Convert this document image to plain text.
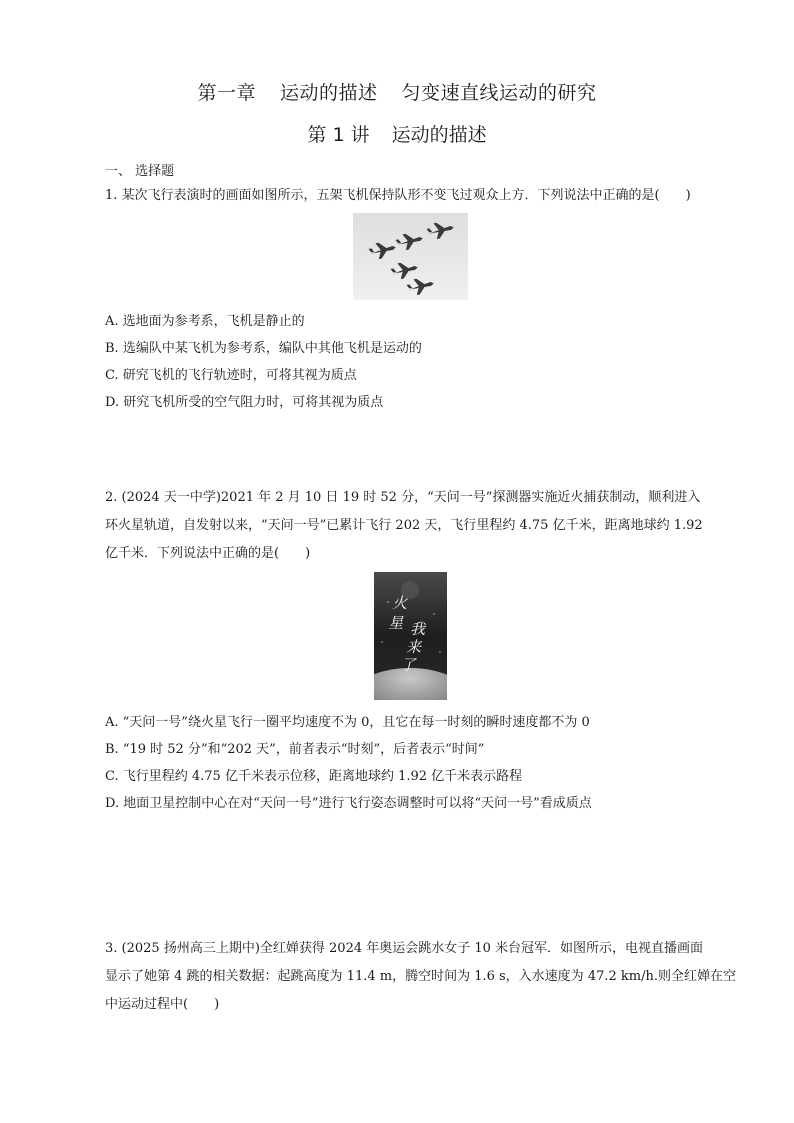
第一章 运动的描述 匀变速直线运动的研究
第 1 讲 运动的描述
一、 选择题
1. 某次飞行表演时的画面如图所示，五架飞机保持队形不变飞过观众上方．下列说法中正确的是(　　)
A. 选地面为参考系，飞机是静止的
B. 选编队中某飞机为参考系，编队中其他飞机是运动的
C. 研究飞机的飞行轨迹时，可将其视为质点
D. 研究飞机所受的空气阻力时，可将其视为质点
2. (2024 天一中学)2021 年 2 月 10 日 19 时 52 分，“天问一号”探测器实施近火捕获制动，顺利进入
环火星轨道，自发射以来，“天问一号”已累计飞行 202 天，飞行里程约 4.75 亿千米，距离地球约 1.92
亿千米．下列说法中正确的是(　　)
火 星 我 来 了
A. “天问一号”绕火星飞行一圈平均速度不为 0，且它在每一时刻的瞬时速度都不为 0
B. “19 时 52 分”和“202 天”，前者表示“时刻”，后者表示“时间”
C. 飞行里程约 4.75 亿千米表示位移，距离地球约 1.92 亿千米表示路程
D. 地面卫星控制中心在对“天问一号”进行飞行姿态调整时可以将“天问一号”看成质点
3. (2025 扬州高三上期中)全红婵获得 2024 年奥运会跳水女子 10 米台冠军．如图所示，电视直播画面
显示了她第 4 跳的相关数据：起跳高度为 11.4 m，腾空时间为 1.6 s，入水速度为 47.2 km/h.则全红婵在空
中运动过程中(　　)
